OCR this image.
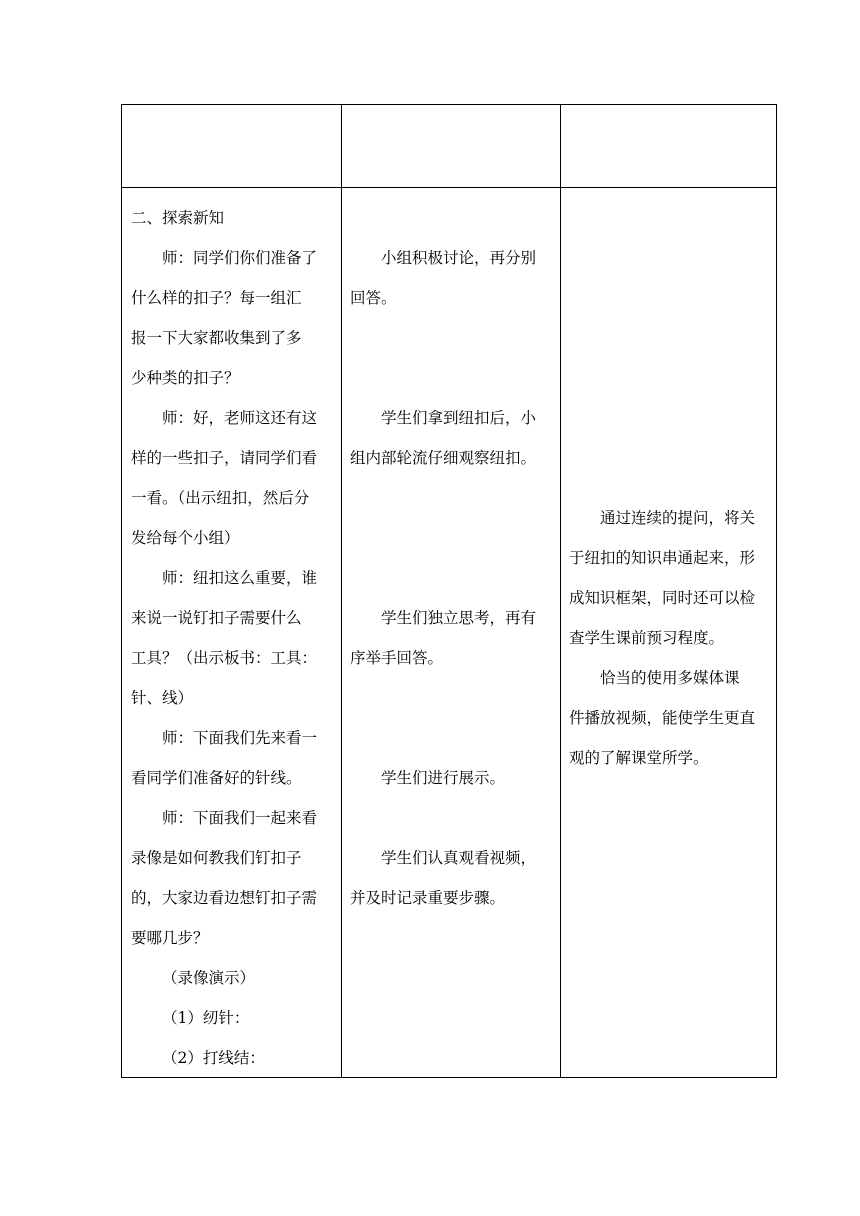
二、探索新知

师：同学们你们准备了

什么样的扣子？每一组汇

报一下大家都收集到了多

少种类的扣子？

师：好，老师这还有这

样的一些扣子，请同学们看

一看。（出示纽扣，然后分

发给每个小组）

师：纽扣这么重要，谁

来说一说钉扣子需要什么

工具？（出示板书：工具：

针、线）

师：下面我们先来看一

看同学们准备好的针线。

师：下面我们一起来看

录像是如何教我们钉扣子

的，大家边看边想钉扣子需

要哪几步？

（录像演示）

（1）纫针：

（2）打线结：

小组积极讨论，再分别

回答。

学生们拿到纽扣后，小

组内部轮流仔细观察纽扣。

学生们独立思考，再有

序举手回答。

学生们进行展示。

学生们认真观看视频，

并及时记录重要步骤。

通过连续的提问，将关

于纽扣的知识串通起来，形

成知识框架，同时还可以检

查学生课前预习程度。

恰当的使用多媒体课

件播放视频，能使学生更直

观的了解课堂所学。
